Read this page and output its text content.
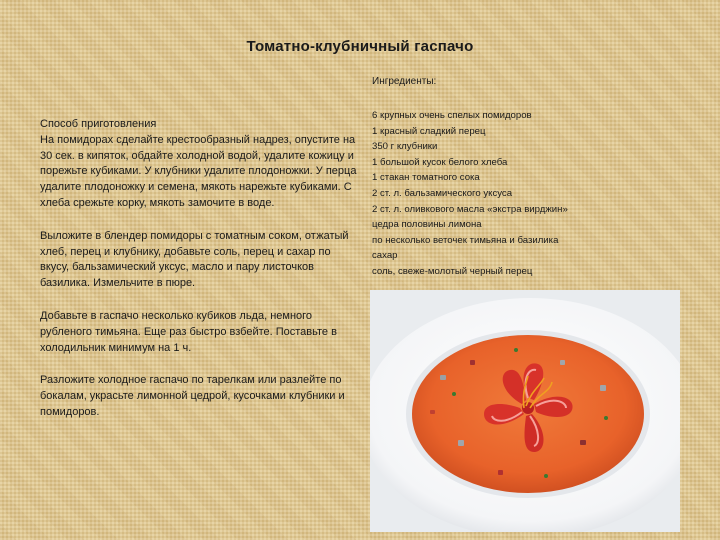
Томатно-клубничный гаспачо
Ингредиенты:
6 крупных очень спелых помидоров
1 красный сладкий перец
350 г клубники
1 большой кусок белого хлеба
1 стакан томатного сока
2 ст. л. бальзамического уксуса
2 ст. л. оливкового масла «экстра вирджин»
цедра половины лимона
по несколько веточек тимьяна и базилика
сахар
соль, свеже-молотый черный перец

Способ приготовления

На помидорах сделайте крестообразный надрез, опустите на 30 сек. в кипяток, обдайте холодной водой, удалите кожицу и порежьте кубиками. У клубники удалите плодоножки. У перца удалите плодоножку и семена, мякоть нарежьте кубиками. С хлеба срежьте корку, мякоть замочите в воде.

Выложите в блендер помидоры с томатным соком, отжатый хлеб, перец и клубнику, добавьте соль, перец и сахар по вкусу, бальзамический уксус, масло и пару листочков базилика. Измельчите в пюре.

Добавьте в гаспачо несколько кубиков льда, немного рубленого тимьяна. Еще раз быстро взбейте. Поставьте в холодильник минимум на 1 ч.

Разложите холодное гаспачо по тарелкам или разлейте по бокалам, украсьте лимонной цедрой, кусочками клубники и помидоров.
